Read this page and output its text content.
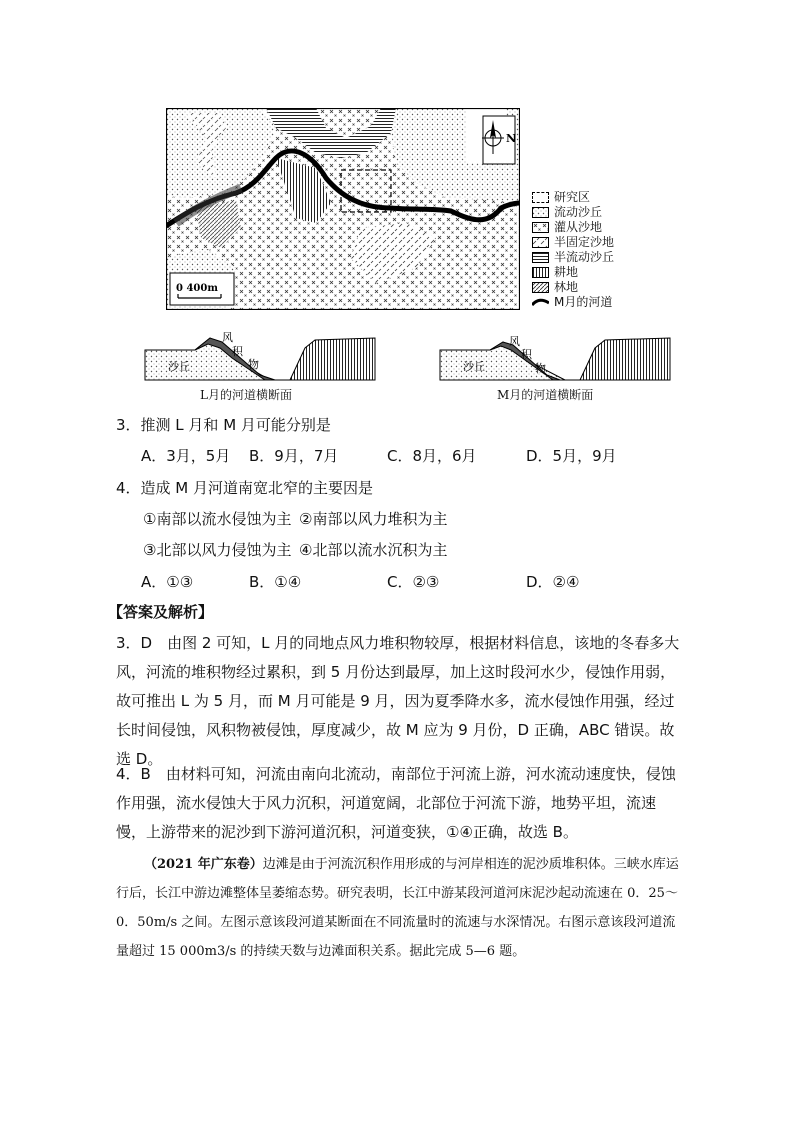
N
0 400m
研究区
流动沙丘
灌从沙地
半固定沙地
半流动沙丘
耕地
林地
M月的河道
沙丘
风
积
物
L月的河道横断面
沙丘
风
积
物
M月的河道横断面
3．推测 L 月和 M 月可能分别是
A．3月，5月 B．9月，7月	C．8月，6月	D．5月，9月
4．造成 M 月河道南宽北窄的主要因是
①南部以流水侵蚀为主 ②南部以风力堆积为主
③北部以风力侵蚀为主 ④北部以流水沉积为主
A．①③	B．①④	C．②③	D．②④
【答案及解析】
3．D　由图 2 可知，L 月的同地点风力堆积物较厚，根据材料信息，该地的冬春多大风，河流的堆积物经过累积，到 5 月份达到最厚，加上这时段河水少，侵蚀作用弱，故可推出 L 为 5 月，而 M 月可能是 9 月，因为夏季降水多，流水侵蚀作用强，经过长时间侵蚀，风积物被侵蚀，厚度减少，故 M 应为 9 月份，D 正确，ABC 错误。故选 D。
4．B　由材料可知，河流由南向北流动，南部位于河流上游，河水流动速度快，侵蚀作用强，流水侵蚀大于风力沉积，河道宽阔，北部位于河流下游，地势平坦，流速慢，上游带来的泥沙到下游河道沉积，河道变狭，①④正确，故选 B。
（2021 年广东卷）边滩是由于河流沉积作用形成的与河岸相连的泥沙质堆积体。三峡水库运行后，长江中游边滩整体呈萎缩态势。研究表明，长江中游某段河道河床泥沙起动流速在 0．25～0．50m/s 之间。左图示意该段河道某断面在不同流量时的流速与水深情况。右图示意该段河道流量超过 15 000m3/s 的持续天数与边滩面积关系。据此完成 5—6 题。
